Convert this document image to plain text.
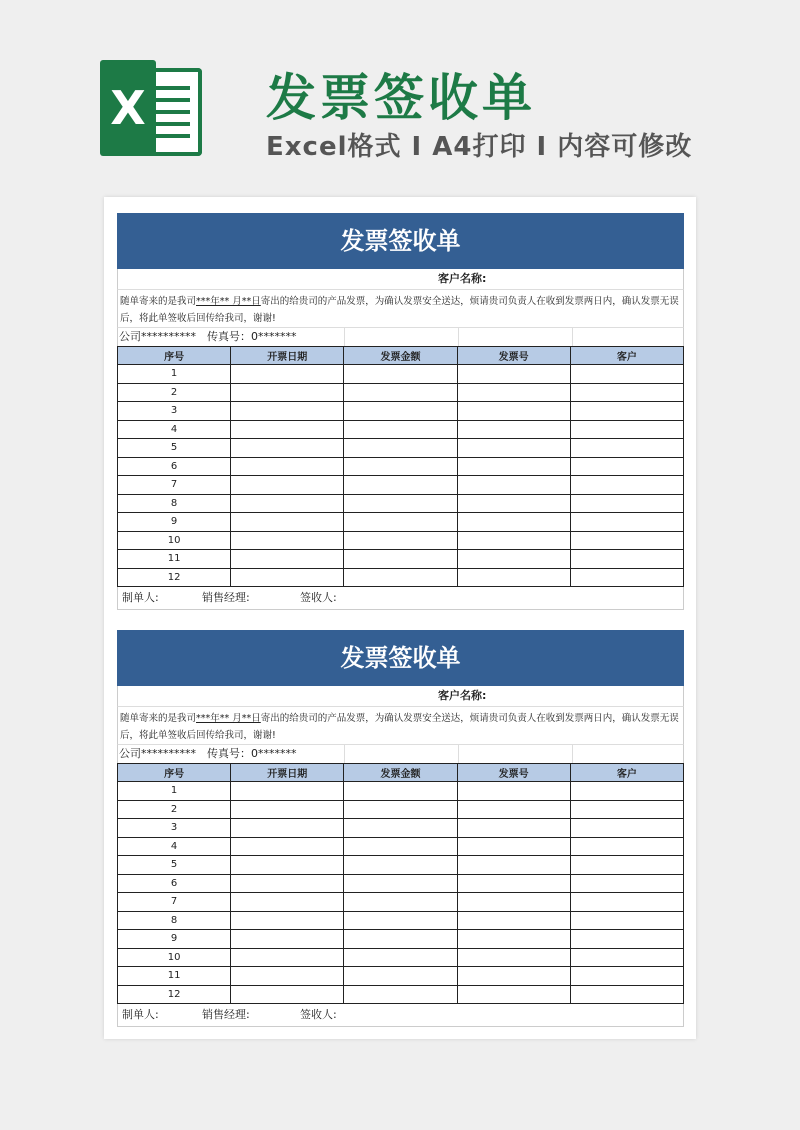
X 发票签收单
Excel格式 I A4打印 I 内容可修改
发票签收单
客户名称:
随单寄来的是我司***年** 月**日寄出的给贵司的产品发票，为确认发票安全送达，烦请贵司负责人在收到发票两日内，确认发票无误后，将此单签收后回传给我司，谢谢!
公司**********	传真号：0*******
序号	开票日期	发票金额	发票号	客户
1				
2				
3				
4				
5				
6				
7				
8				
9				
10				
11				
12				
制单人:	销售经理:	签收人:
发票签收单
客户名称:
随单寄来的是我司***年** 月**日寄出的给贵司的产品发票，为确认发票安全送达，烦请贵司负责人在收到发票两日内，确认发票无误后，将此单签收后回传给我司，谢谢!
公司**********	传真号：0*******
序号	开票日期	发票金额	发票号	客户
1				
2				
3				
4				
5				
6				
7				
8				
9				
10				
11				
12				
制单人:	销售经理:	签收人:
